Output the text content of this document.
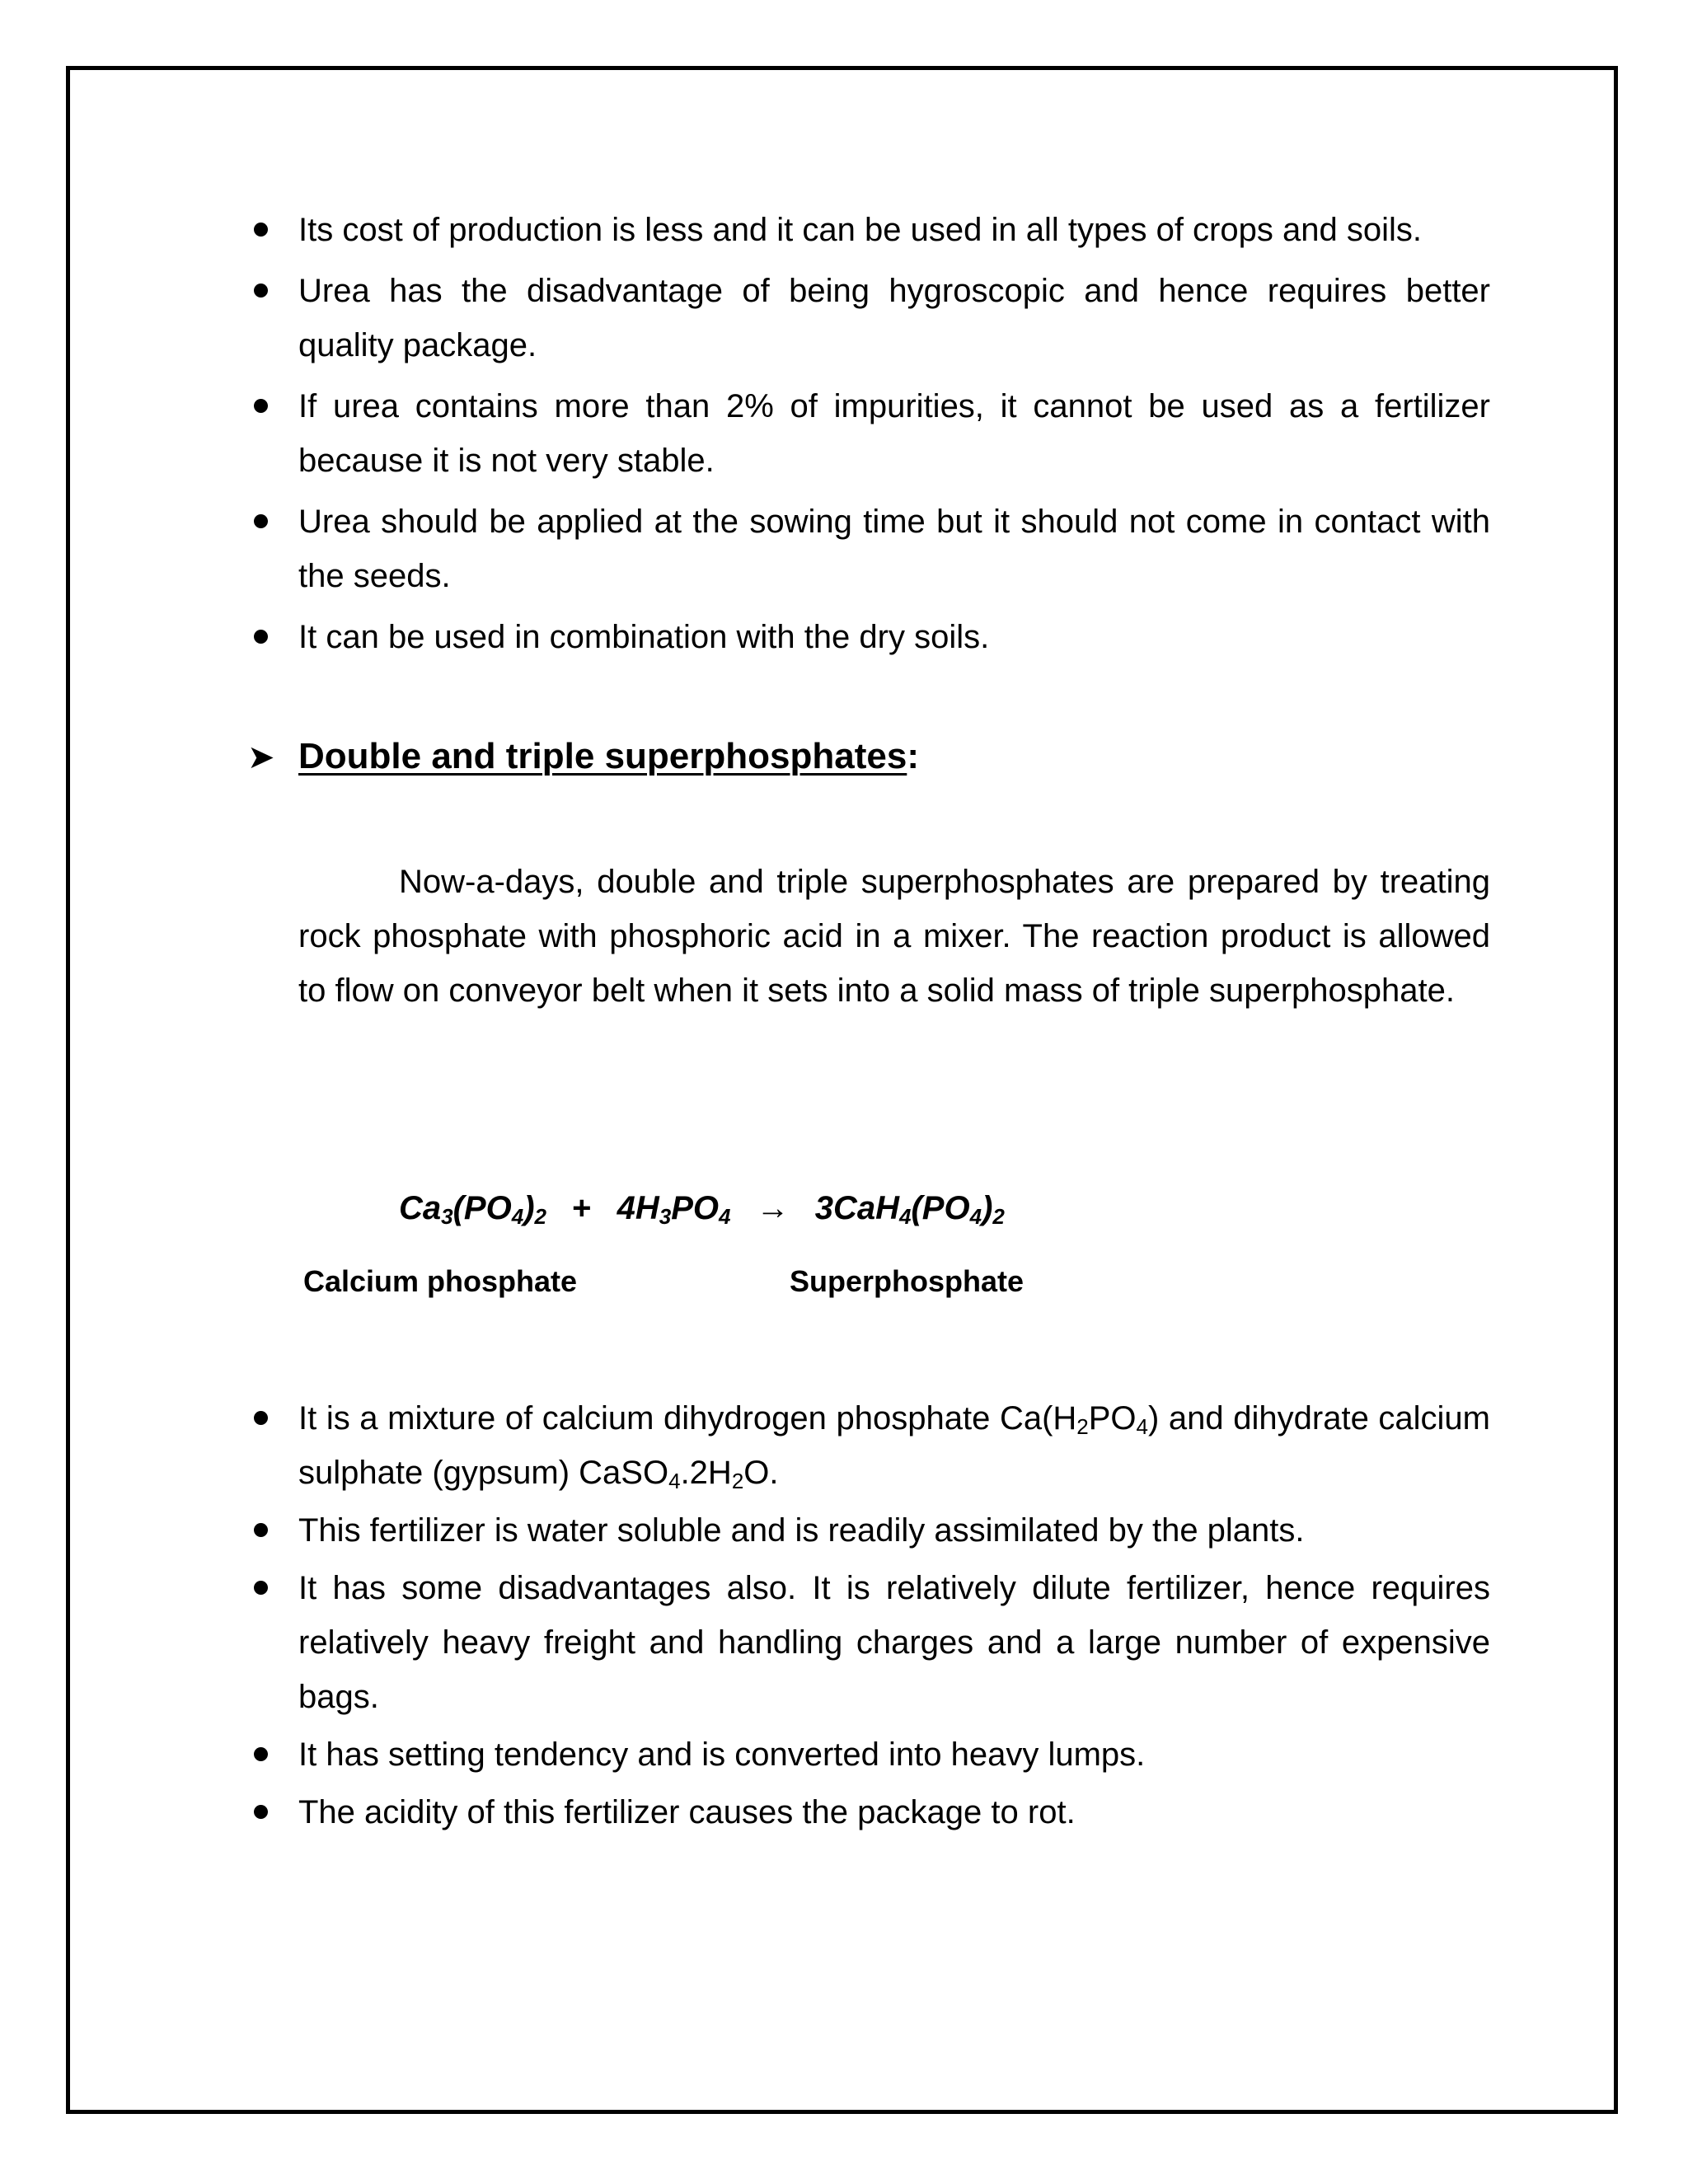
Its cost of production is less and it can be used in all types of crops and soils.
Urea has the disadvantage of being hygroscopic and hence requires better quality package.
If urea contains more than 2% of impurities, it cannot be used as a fertilizer because it is not very stable.
Urea should be applied at the sowing time but it should not come in contact with the seeds.
It can be used in combination with the dry soils.
➤ Double and triple superphosphates:

Now-a-days, double and triple superphosphates are prepared by treating rock phosphate with phosphoric acid in a mixer. The reaction product is allowed to flow on conveyor belt when it sets into a solid mass of triple superphosphate.

$Ca_3(PO_4)_2 + 4H_3PO_4 \to 3CaH_4(PO_4)_2$
Calcium phosphate	Superphosphate
It is a mixture of calcium dihydrogen phosphate $Ca(H_2PO_4)$ and dihydrate calcium sulphate (gypsum) $CaSO_4.2H_2O$.
This fertilizer is water soluble and is readily assimilated by the plants.
It has some disadvantages also. It is relatively dilute fertilizer, hence requires relatively heavy freight and handling charges and a large number of expensive bags.
It has setting tendency and is converted into heavy lumps.
The acidity of this fertilizer causes the package to rot.
